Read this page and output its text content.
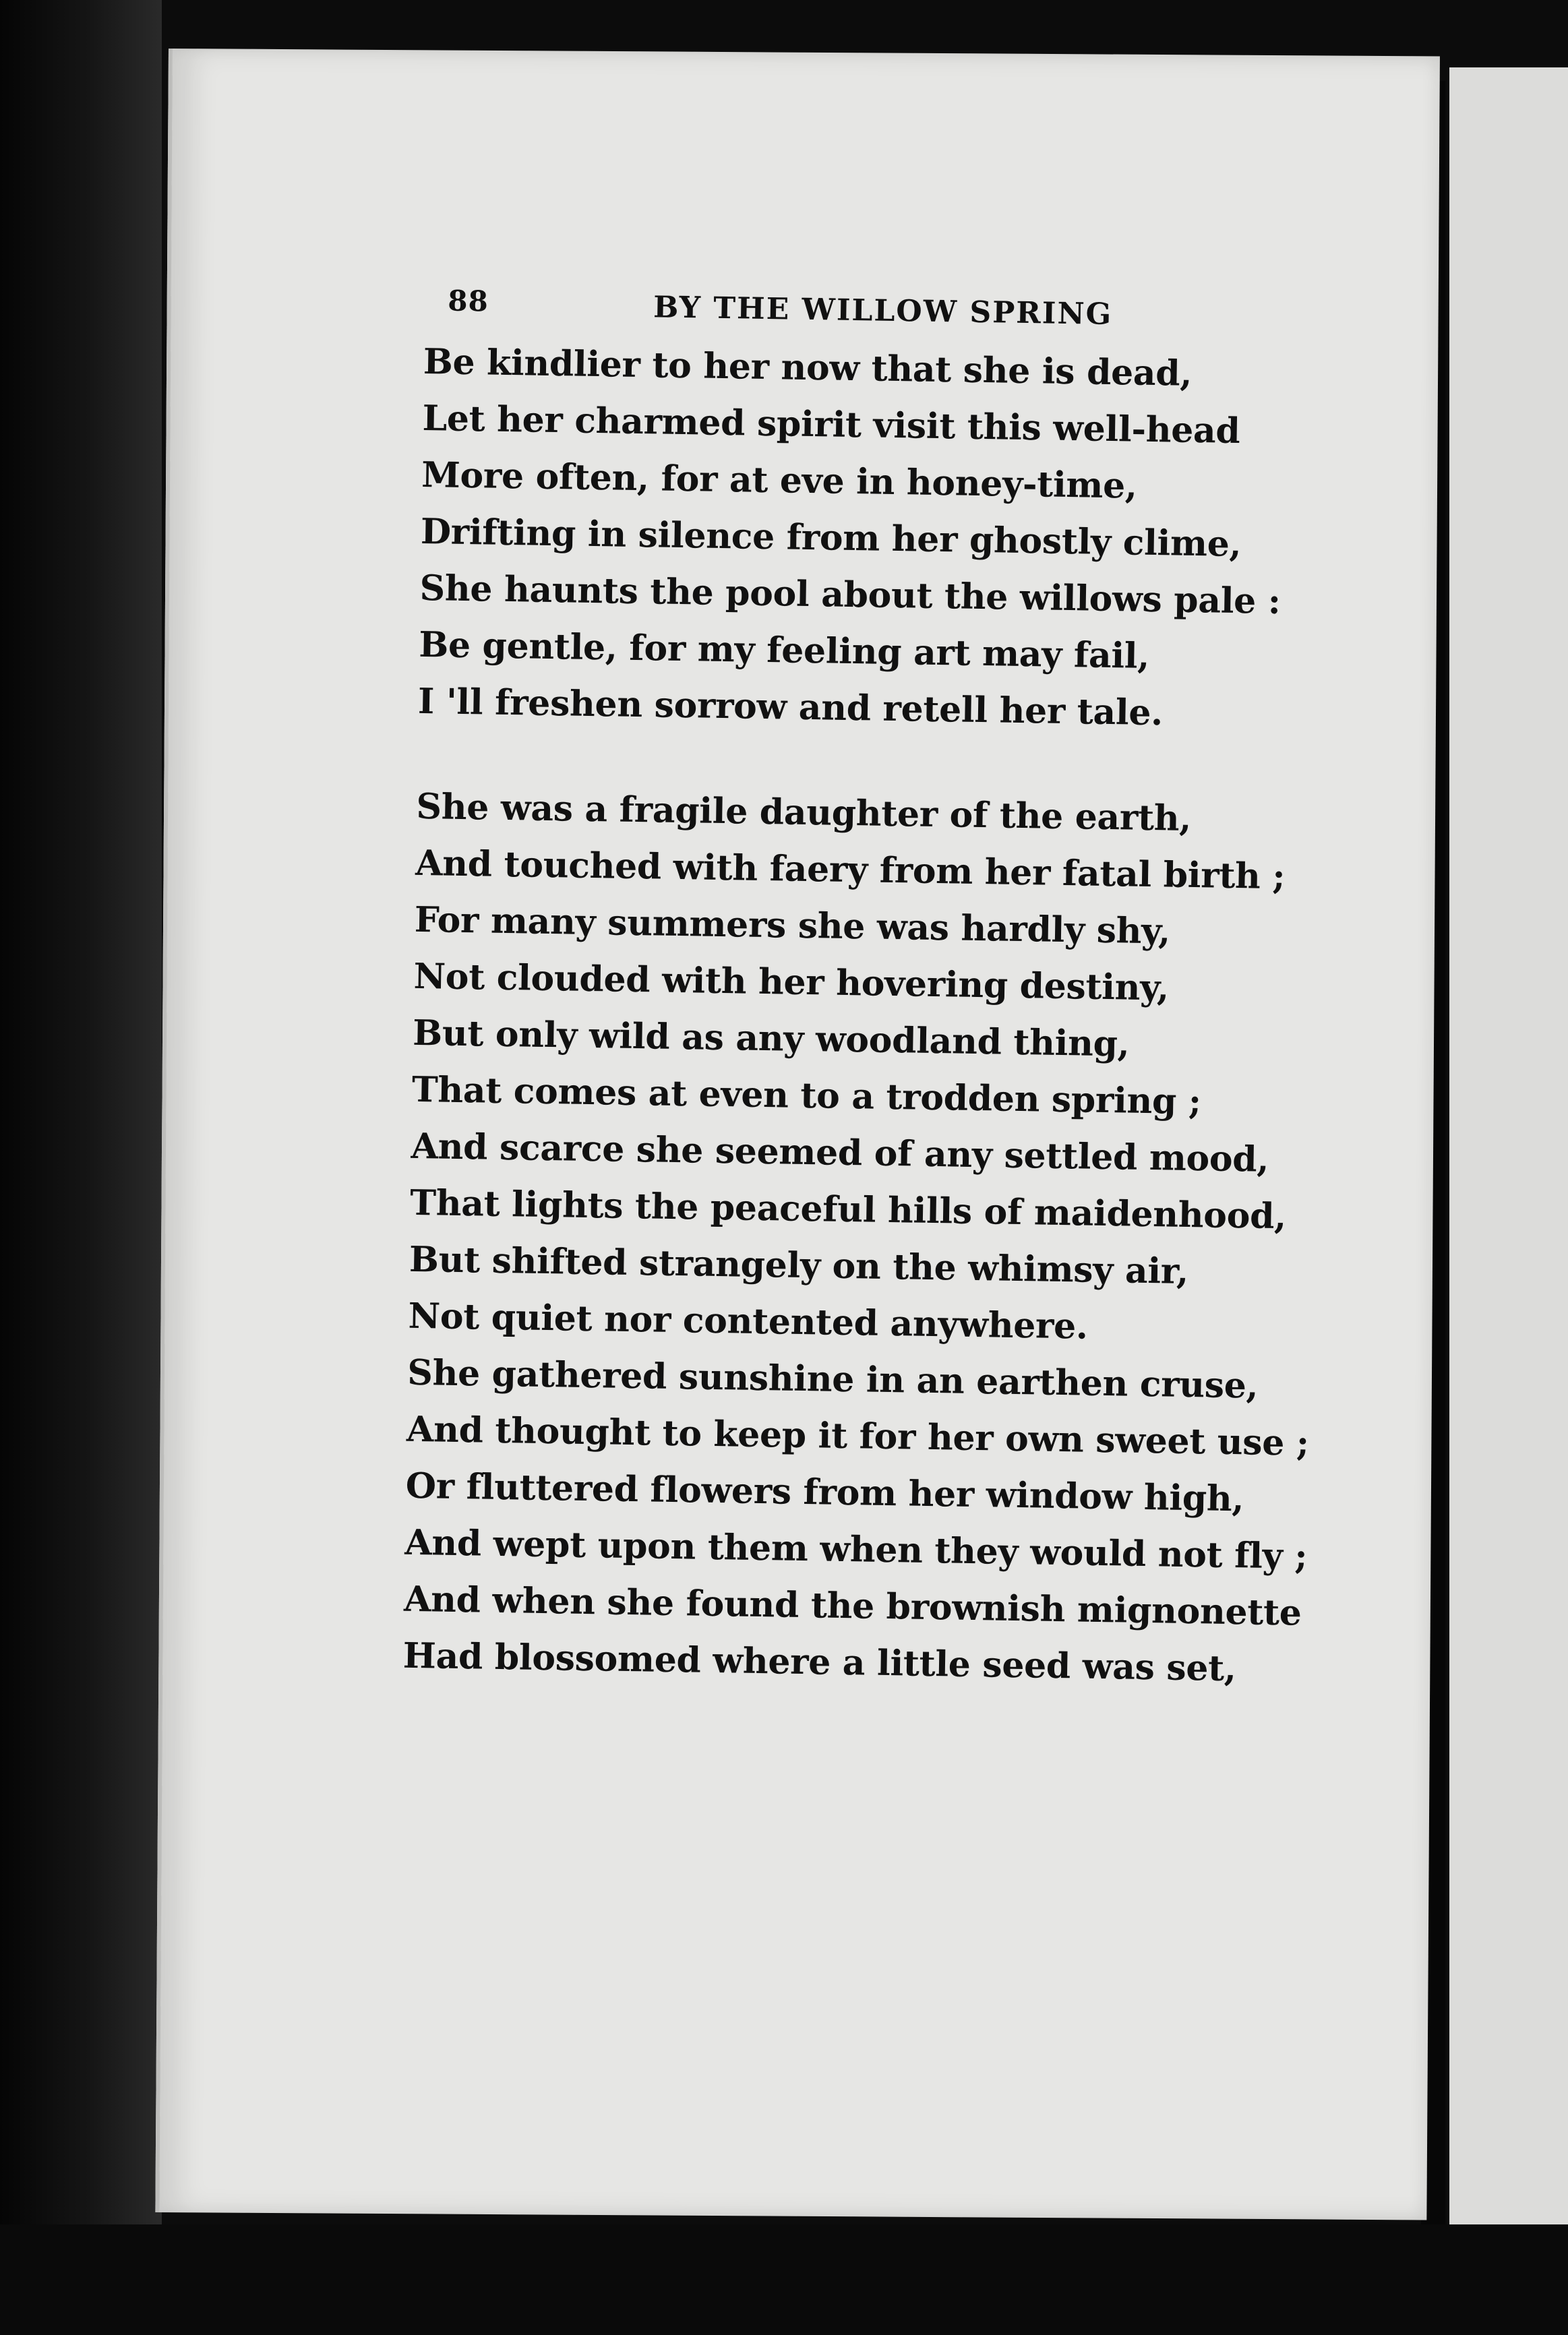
88	BY THE WILLOW SPRING
Be kindlier to her now that she is dead,
Let her charmed spirit visit this well-head
More often, for at eve in honey-time,
Drifting in silence from her ghostly clime,
She haunts the pool about the willows pale :
Be gentle, for my feeling art may fail,
I 'll freshen sorrow and retell her tale.
She was a fragile daughter of the earth,
And touched with faery from her fatal birth ;
For many summers she was hardly shy,
Not clouded with her hovering destiny,
But only wild as any woodland thing,
That comes at even to a trodden spring ;
And scarce she seemed of any settled mood,
That lights the peaceful hills of maidenhood,
But shifted strangely on the whimsy air,
Not quiet nor contented anywhere.
She gathered sunshine in an earthen cruse,
And thought to keep it for her own sweet use ;
Or fluttered flowers from her window high,
And wept upon them when they would not fly ;
And when she found the brownish mignonette
Had blossomed where a little seed was set,
